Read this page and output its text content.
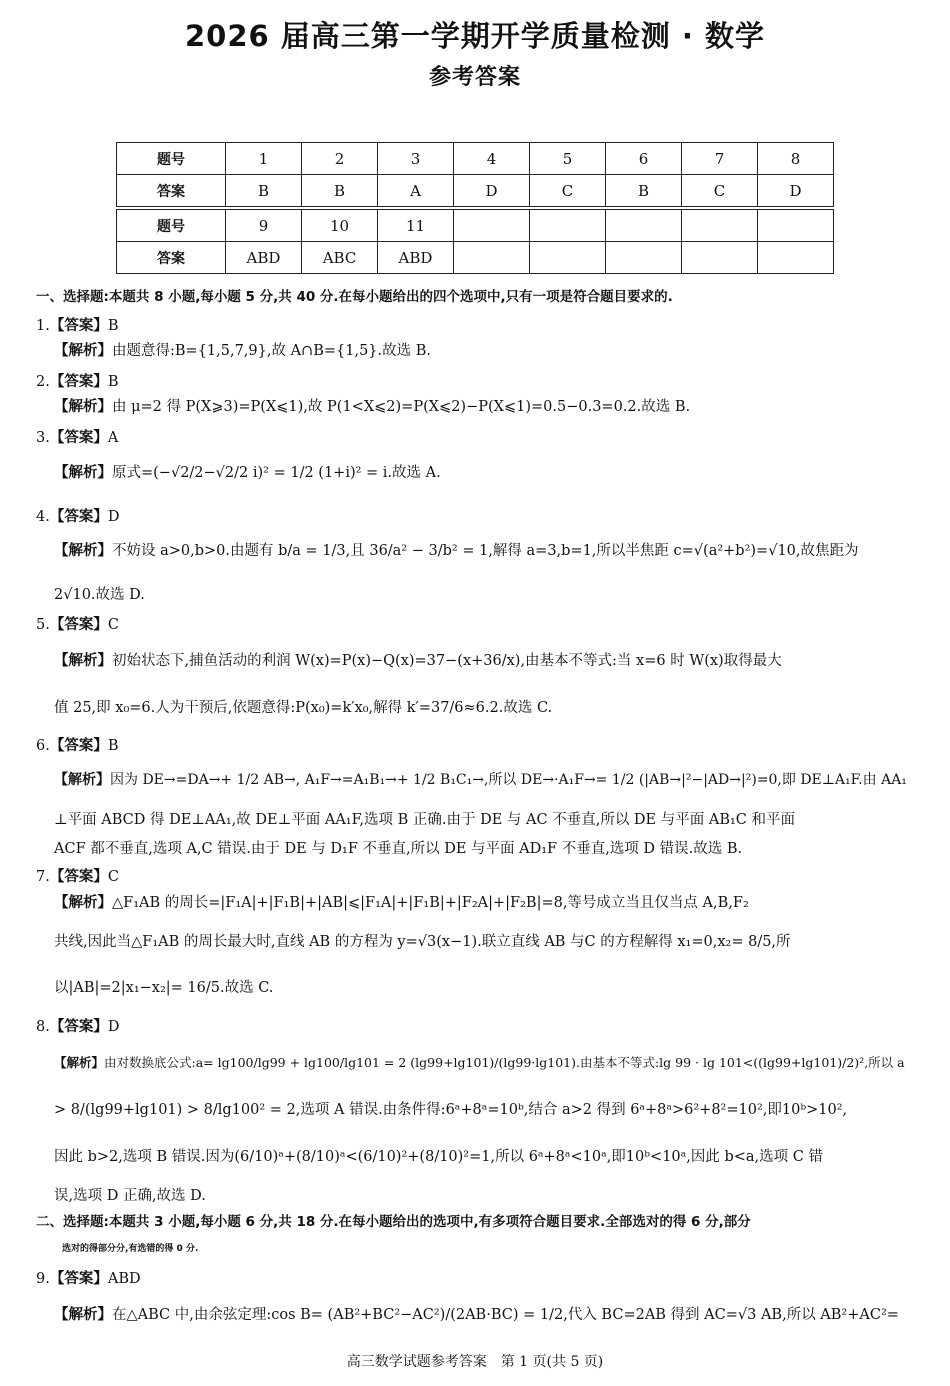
2026 届高三第一学期开学质量检测 · 数学
参考答案
题号	1	2	3	4	5	6	7	8
答案	B	B	A	D	C	B	C	D
题号	9	10	11					
答案	ABD	ABC	ABD					
一、选择题:本题共 8 小题,每小题 5 分,共 40 分.在每小题给出的四个选项中,只有一项是符合题目要求的.
1.【答案】B
【解析】由题意得:B={1,5,7,9},故 A∩B={1,5}.故选 B.
2.【答案】B
【解析】由 μ=2 得 P(X⩾3)=P(X⩽1),故 P(1<X⩽2)=P(X⩽2)−P(X⩽1)=0.5−0.3=0.2.故选 B.
3.【答案】A
【解析】原式=(−√2/2−√2/2 i)² = 1/2 (1+i)² = i.故选 A.
4.【答案】D
【解析】不妨设 a>0,b>0.由题有 b/a = 1/3,且 36/a² − 3/b² = 1,解得 a=3,b=1,所以半焦距 c=√(a²+b²)=√10,故焦距为
2√10.故选 D.
5.【答案】C
【解析】初始状态下,捕鱼活动的利润 W(x)=P(x)−Q(x)=37−(x+36/x),由基本不等式:当 x=6 时 W(x)取得最大
值 25,即 x₀=6.人为干预后,依题意得:P(x₀)=k′x₀,解得 k′=37/6≈6.2.故选 C.
6.【答案】B
【解析】因为 DE→=DA→+ 1/2 AB→, A₁F→=A₁B₁→+ 1/2 B₁C₁→,所以 DE→·A₁F→= 1/2 (|AB→|²−|AD→|²)=0,即 DE⊥A₁F.由 AA₁
⊥平面 ABCD 得 DE⊥AA₁,故 DE⊥平面 AA₁F,选项 B 正确.由于 DE 与 AC 不垂直,所以 DE 与平面 AB₁C 和平面
ACF 都不垂直,选项 A,C 错误.由于 DE 与 D₁F 不垂直,所以 DE 与平面 AD₁F 不垂直,选项 D 错误.故选 B.
7.【答案】C
【解析】△F₁AB 的周长=|F₁A|+|F₁B|+|AB|⩽|F₁A|+|F₁B|+|F₂A|+|F₂B|=8,等号成立当且仅当点 A,B,F₂
共线,因此当△F₁AB 的周长最大时,直线 AB 的方程为 y=√3(x−1).联立直线 AB 与C 的方程解得 x₁=0,x₂= 8/5,所
以|AB|=2|x₁−x₂|= 16/5.故选 C.
8.【答案】D
【解析】由对数换底公式:a= lg100/lg99 + lg100/lg101 = 2 (lg99+lg101)/(lg99·lg101).由基本不等式:lg 99 · lg 101<((lg99+lg101)/2)²,所以 a
> 8/(lg99+lg101) > 8/lg100² = 2,选项 A 错误.由条件得:6ᵃ+8ᵃ=10ᵇ,结合 a>2 得到 6ᵃ+8ᵃ>6²+8²=10²,即10ᵇ>10²,
因此 b>2,选项 B 错误.因为(6/10)ᵃ+(8/10)ᵃ<(6/10)²+(8/10)²=1,所以 6ᵃ+8ᵃ<10ᵃ,即10ᵇ<10ᵃ,因此 b<a,选项 C 错
误,选项 D 正确,故选 D.
二、选择题:本题共 3 小题,每小题 6 分,共 18 分.在每小题给出的选项中,有多项符合题目要求.全部选对的得 6 分,部分
选对的得部分分,有选错的得 0 分.
9.【答案】ABD
【解析】在△ABC 中,由余弦定理:cos B= (AB²+BC²−AC²)/(2AB·BC) = 1/2,代入 BC=2AB 得到 AC=√3 AB,所以 AB²+AC²=
高三数学试题参考答案　第 1 页(共 5 页)
